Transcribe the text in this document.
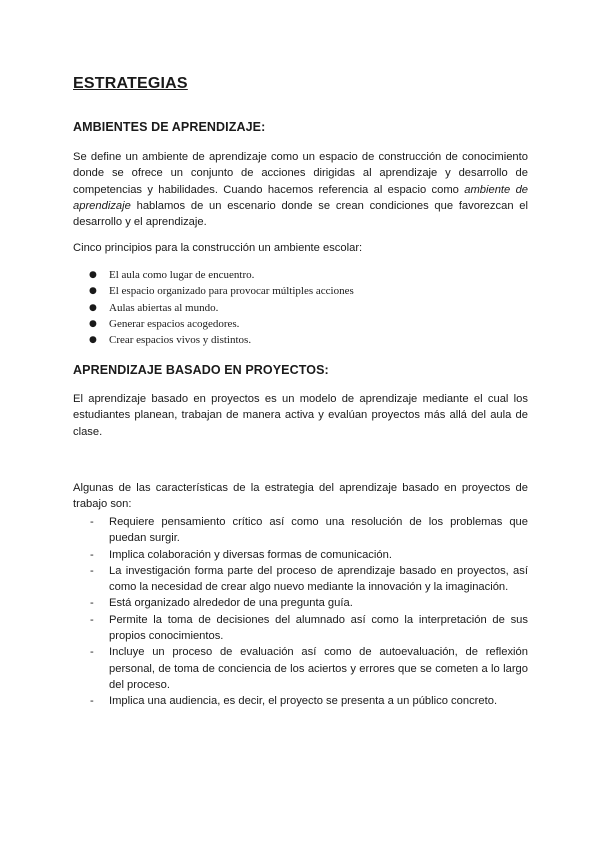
ESTRATEGIAS
AMBIENTES DE APRENDIZAJE:

Se define un ambiente de aprendizaje como un espacio de construcción de conocimiento donde se ofrece un conjunto de acciones dirigidas al aprendizaje y desarrollo de competencias y habilidades. Cuando hacemos referencia al espacio como ambiente de aprendizaje hablamos de un escenario donde se crean condiciones que favorezcan el desarrollo y el aprendizaje.

Cinco principios para la construcción un ambiente escolar:

● El aula como lugar de encuentro.
● El espacio organizado para provocar múltiples acciones
● Aulas abiertas al mundo.
● Generar espacios acogedores.
● Crear espacios vivos y distintos.
APRENDIZAJE BASADO EN PROYECTOS:

El aprendizaje basado en proyectos es un modelo de aprendizaje mediante el cual los estudiantes planean, trabajan de manera activa y evalúan proyectos más allá del aula de clase.

Algunas de las características de la estrategia del aprendizaje basado en proyectos de trabajo son:

- Requiere pensamiento crítico así como una resolución de los problemas que puedan surgir.
- Implica colaboración y diversas formas de comunicación.
- La investigación forma parte del proceso de aprendizaje basado en proyectos, así como la necesidad de crear algo nuevo mediante la innovación y la imaginación.
- Está organizado alrededor de una pregunta guía.
- Permite la toma de decisiones del alumnado así como la interpretación de sus propios conocimientos.
- Incluye un proceso de evaluación así como de autoevaluación, de reflexión personal, de toma de conciencia de los aciertos y errores que se cometen a lo largo del proceso.
- Implica una audiencia, es decir, el proyecto se presenta a un público concreto.
